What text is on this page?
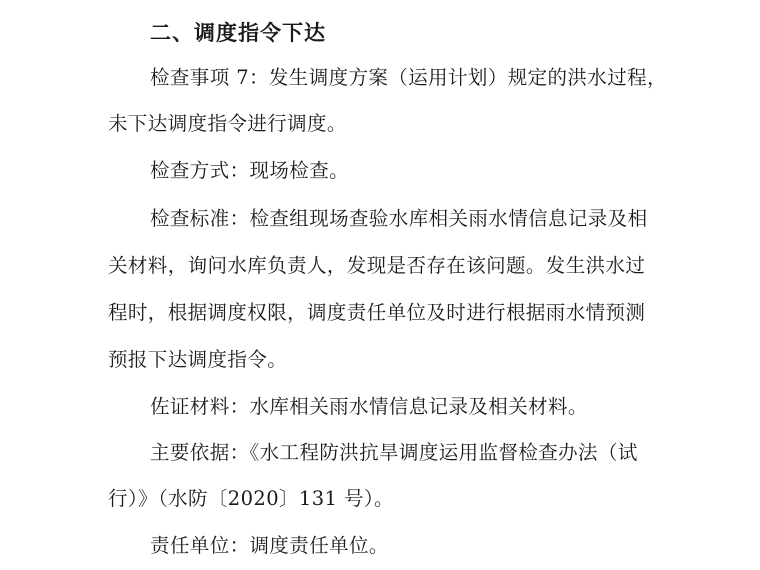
二、调度指令下达
检查事项 7：发生调度方案（运用计划）规定的洪水过程，
未下达调度指令进行调度。
检查方式：现场检查。
检查标准：检查组现场查验水库相关雨水情信息记录及相
关材料，询问水库负责人，发现是否存在该问题。发生洪水过
程时，根据调度权限，调度责任单位及时进行根据雨水情预测
预报下达调度指令。
佐证材料：水库相关雨水情信息记录及相关材料。
主要依据：《水工程防洪抗旱调度运用监督检查办法（试
行）》（水防〔2020〕131 号）。
责任单位：调度责任单位。
